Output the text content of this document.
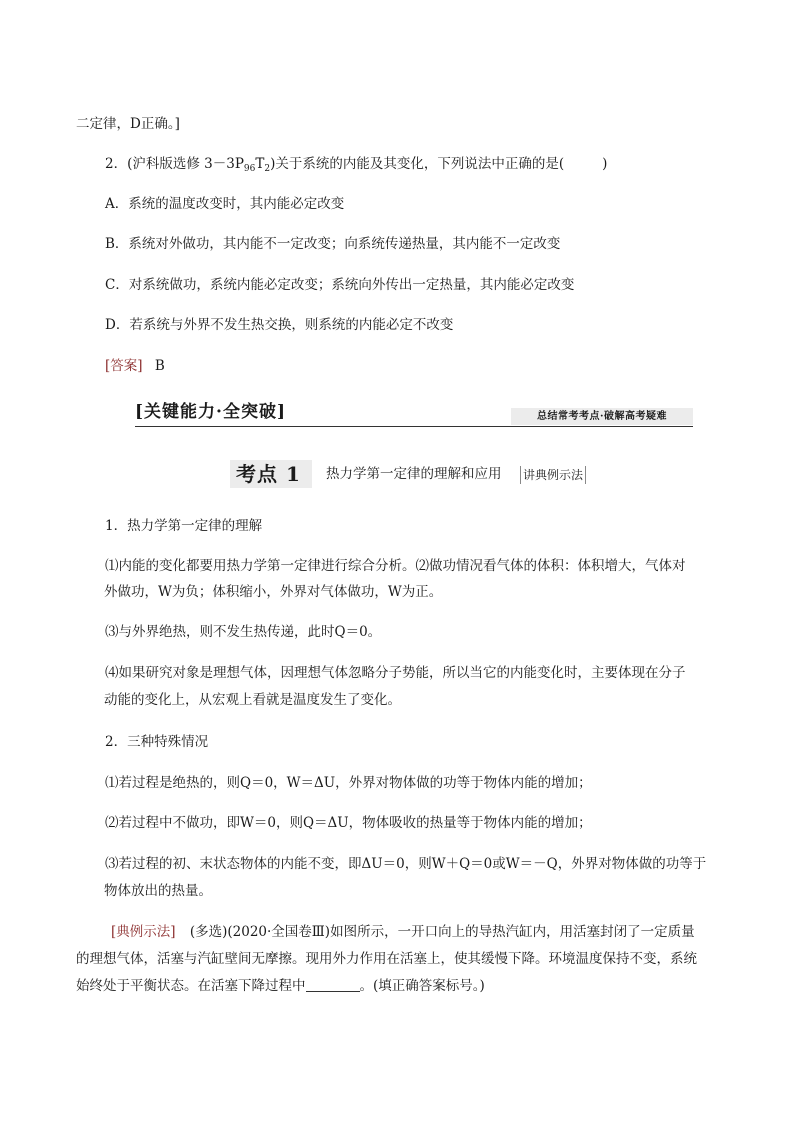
二定律，D正确。]
2．(沪科版选修 $3-3P_{96}T_2$)关于系统的内能及其变化，下列说法中正确的是(	)
A．系统的温度改变时，其内能必定改变
B．系统对外做功，其内能不一定改变；向系统传递热量，其内能不一定改变
C．对系统做功，系统内能必定改变；系统向外传出一定热量，其内能必定改变
D．若系统与外界不发生热交换，则系统的内能必定不改变
[答案] B
[关键能力·全突破]	总结常考考点·破解高考疑难
考点 1 热力学第一定律的理解和应用 讲典例示法
1．热力学第一定律的理解
⑴内能的变化都要用热力学第一定律进行综合分析。⑵做功情况看气体的体积：体积增大，气体对
外做功，W为负；体积缩小，外界对气体做功，W为正。
⑶与外界绝热，则不发生热传递，此时Q＝0。
⑷如果研究对象是理想气体，因理想气体忽略分子势能，所以当它的内能变化时，主要体现在分子
动能的变化上，从宏观上看就是温度发生了变化。
2．三种特殊情况
⑴若过程是绝热的，则Q＝0，W＝ΔU，外界对物体做的功等于物体内能的增加；
⑵若过程中不做功，即W＝0，则Q＝ΔU，物体吸收的热量等于物体内能的增加；
⑶若过程的初、末状态物体的内能不变，即ΔU＝0，则W＋Q＝0或W＝－Q，外界对物体做的功等于
物体放出的热量。
[典例示法] (多选)(2020·全国卷Ⅲ)如图所示，一开口向上的导热汽缸内，用活塞封闭了一定质量
的理想气体，活塞与汽缸壁间无摩擦。现用外力作用在活塞上，使其缓慢下降。环境温度保持不变，系统
始终处于平衡状态。在活塞下降过程中	。(填正确答案标号。)
